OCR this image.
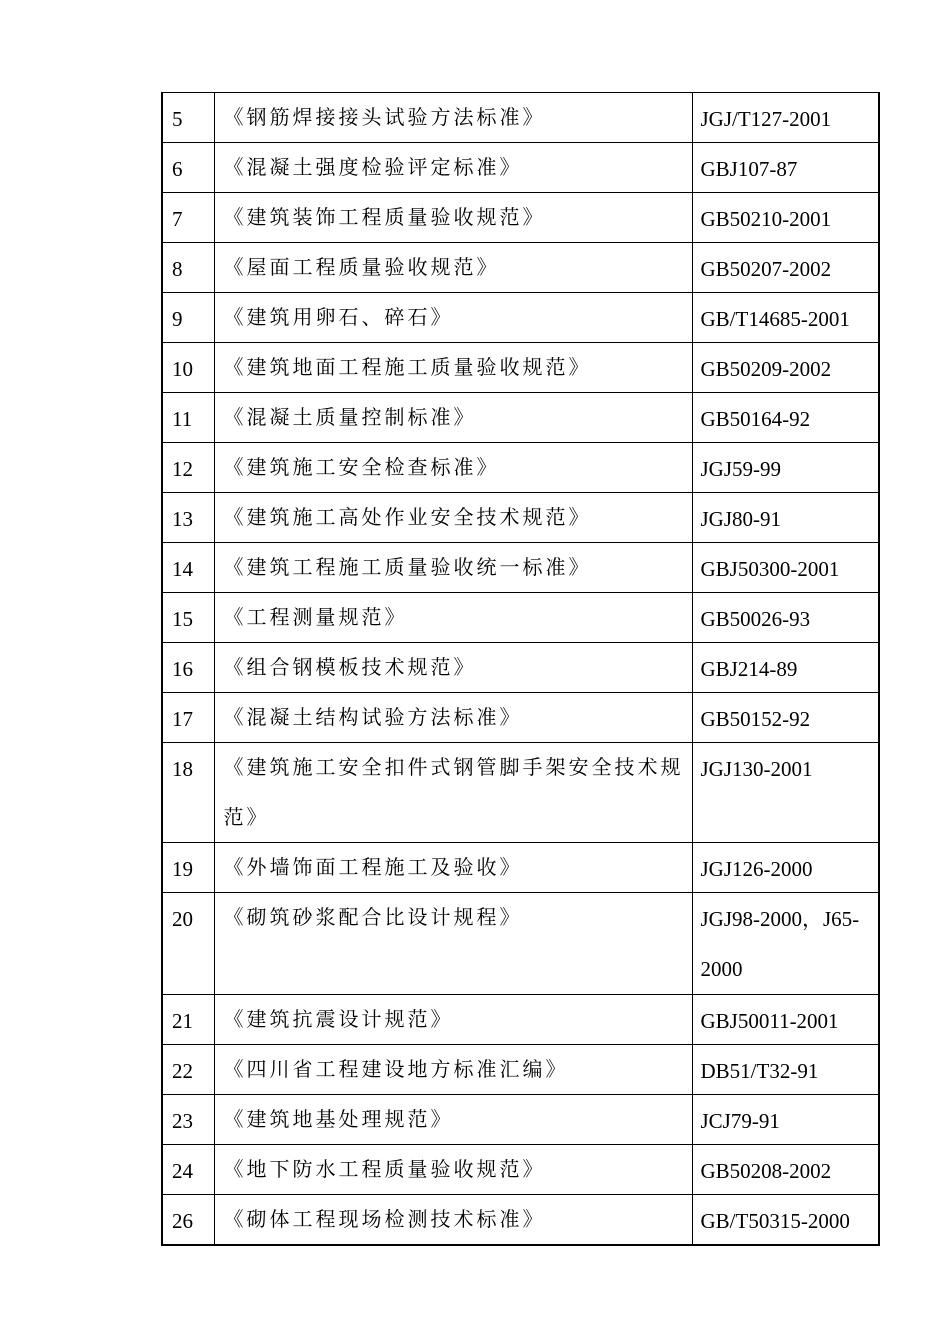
5	《钢筋焊接接头试验方法标准》	JGJ/T127-2001

6	《混凝土强度检验评定标准》	GBJ107-87

7	《建筑装饰工程质量验收规范》	GB50210-2001

8	《屋面工程质量验收规范》	GB50207-2002

9	《建筑用卵石、碎石》	GB/T14685-2001

10	《建筑地面工程施工质量验收规范》	GB50209-2002

11	《混凝土质量控制标准》	GB50164-92

12	《建筑施工安全检查标准》	JGJ59-99

13	《建筑施工高处作业安全技术规范》	JGJ80-91

14	《建筑工程施工质量验收统一标准》	GBJ50300-2001

15	《工程测量规范》	GB50026-93

16	《组合钢模板技术规范》	GBJ214-89

17	《混凝土结构试验方法标准》	GB50152-92

18	《建筑施工安全扣件式钢管脚手架安全技术规范》	JGJ130-2001

19	《外墙饰面工程施工及验收》	JGJ126-2000

20	《砌筑砂浆配合比设计规程》	JGJ98-2000，J65-2000

21	《建筑抗震设计规范》	GBJ50011-2001

22	《四川省工程建设地方标准汇编》	DB51/T32-91

23	《建筑地基处理规范》	JCJ79-91

24	《地下防水工程质量验收规范》	GB50208-2002

26	《砌体工程现场检测技术标准》	GB/T50315-2000
